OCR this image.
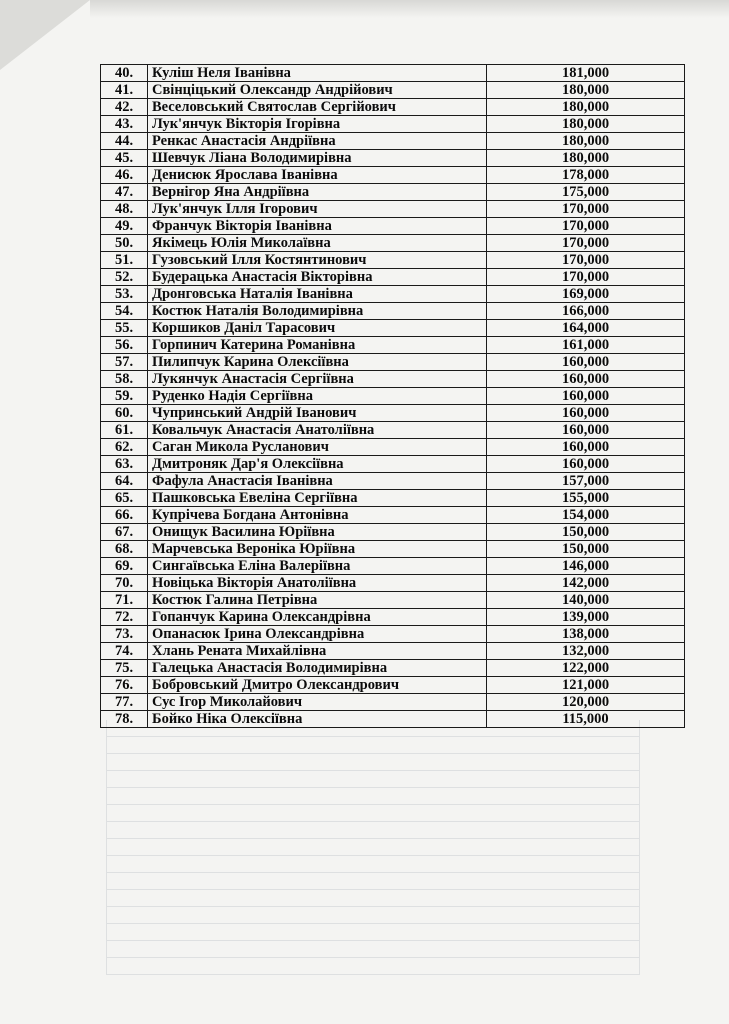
40.	Куліш Неля Іванівна	181,000
41.	Свінціцький Олександр Андрійович	180,000
42.	Веселовський Святослав Сергійович	180,000
43.	Лук'янчук Вікторія Ігорівна	180,000
44.	Ренкас Анастасія Андріївна	180,000
45.	Шевчук Ліана Володимирівна	180,000
46.	Денисюк Ярослава Іванівна	178,000
47.	Вернігор Яна Андріївна	175,000
48.	Лук'янчук Ілля Ігорович	170,000
49.	Франчук Вікторія Іванівна	170,000
50.	Якімець Юлія Миколаївна	170,000
51.	Гузовський Ілля Костянтинович	170,000
52.	Будерацька Анастасія Вікторівна	170,000
53.	Дронговська Наталія Іванівна	169,000
54.	Костюк Наталія Володимирівна	166,000
55.	Коршиков Даніл Тарасович	164,000
56.	Горпинич Катерина Романівна	161,000
57.	Пилипчук Карина Олексіївна	160,000
58.	Лукянчук Анастасія Сергіївна	160,000
59.	Руденко Надія Сергіївна	160,000
60.	Чупринський Андрій Іванович	160,000
61.	Ковальчук Анастасія Анатоліївна	160,000
62.	Саган Микола Русланович	160,000
63.	Дмитроняк Дар'я Олексіївна	160,000
64.	Фафула Анастасія Іванівна	157,000
65.	Пашковська Евеліна Сергіївна	155,000
66.	Купрічева Богдана Антонівна	154,000
67.	Онищук Василина Юріївна	150,000
68.	Марчевська Вероніка Юріївна	150,000
69.	Сингаївська Еліна Валеріївна	146,000
70.	Новіцька Вікторія Анатоліївна	142,000
71.	Костюк Галина Петрівна	140,000
72.	Гопанчук Карина Олександрівна	139,000
73.	Опанасюк Ірина Олександрівна	138,000
74.	Хлань Рената Михайлівна	132,000
75.	Галецька Анастасія Володимирівна	122,000
76.	Бобровський Дмитро Олександрович	121,000
77.	Сус Ігор Миколайович	120,000
78.	Бойко Ніка Олексіївна	115,000
